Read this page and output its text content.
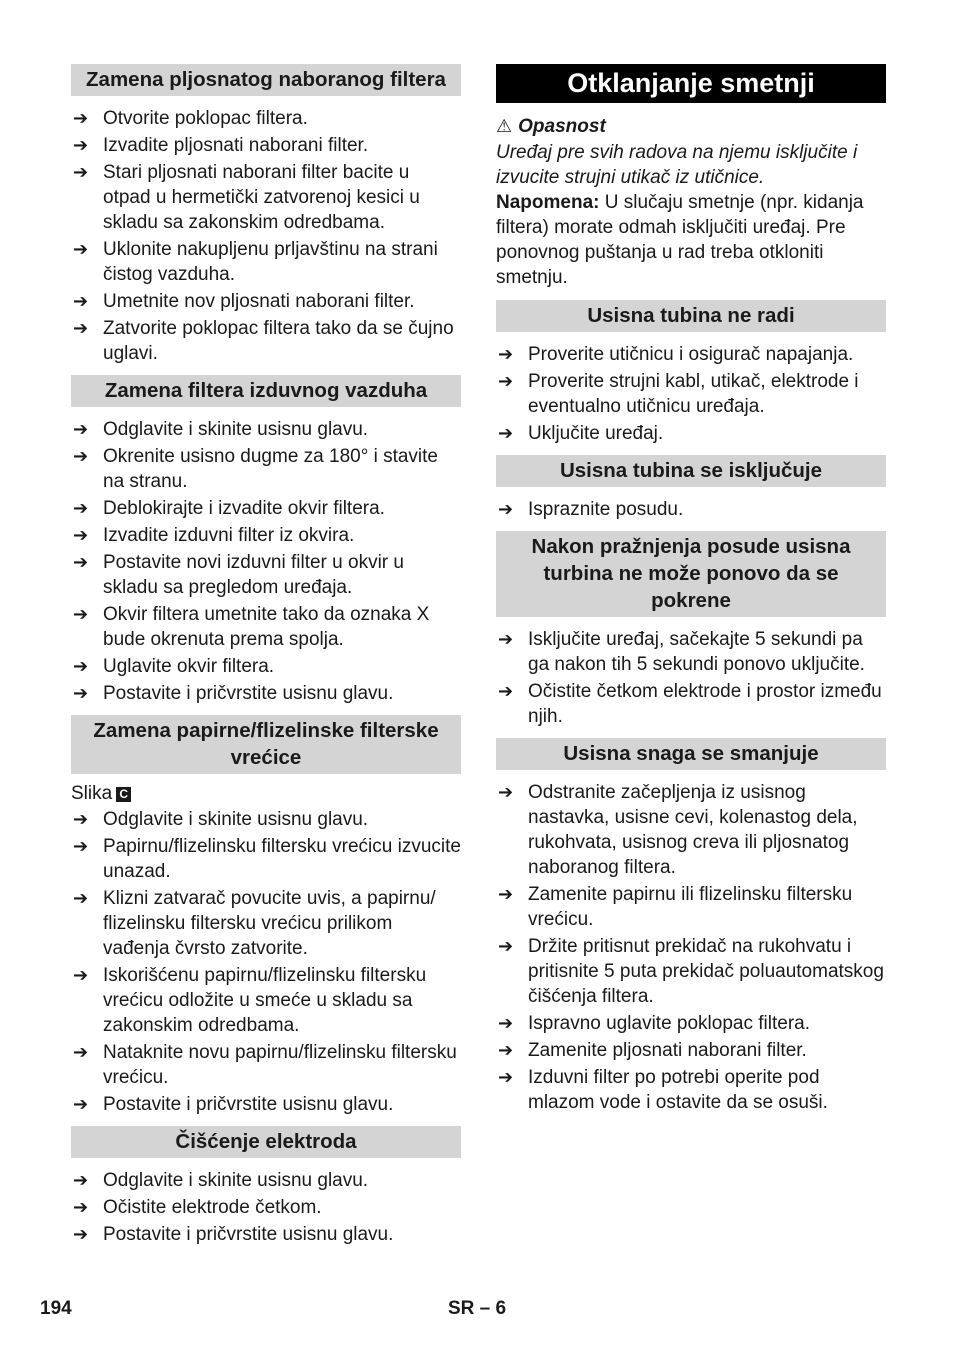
Zamena pljosnatog naboranog filtera
➔ Otvorite poklopac filtera.
➔ Izvadite pljosnati naborani filter.
➔ Stari pljosnati naborani filter bacite u otpad u hermetički zatvorenoj kesici u skladu sa zakonskim odredbama.
➔ Uklonite nakupljenu prljavštinu na strani čistog vazduha.
➔ Umetnite nov pljosnati naborani filter.
➔ Zatvorite poklopac filtera tako da se čujno uglavi.
Zamena filtera izduvnog vazduha
➔ Odglavite i skinite usisnu glavu.
➔ Okrenite usisno dugme za 180° i stavite na stranu.
➔ Deblokirajte i izvadite okvir filtera.
➔ Izvadite izduvni filter iz okvira.
➔ Postavite novi izduvni filter u okvir u skladu sa pregledom uređaja.
➔ Okvir filtera umetnite tako da oznaka X bude okrenuta prema spolja.
➔ Uglavite okvir filtera.
➔ Postavite i pričvrstite usisnu glavu.
Zamena papirne/flizelinske filterske vrećice
Slika C
➔ Odglavite i skinite usisnu glavu.
➔ Papirnu/flizelinsku filtersku vrećicu izvucite unazad.
➔ Klizni zatvarač povucite uvis, a papirnu/ flizelinsku filtersku vrećicu prilikom vađenja čvrsto zatvorite.
➔ Iskorišćenu papirnu/flizelinsku filtersku vrećicu odložite u smeće u skladu sa zakonskim odredbama.
➔ Nataknite novu papirnu/flizelinsku filtersku vrećicu.
➔ Postavite i pričvrstite usisnu glavu.
Čišćenje elektroda
➔ Odglavite i skinite usisnu glavu.
➔ Očistite elektrode četkom.
➔ Postavite i pričvrstite usisnu glavu.
Otklanjanje smetnji
⚠ Opasnost
Uređaj pre svih radova na njemu isključite i izvucite strujni utikač iz utičnice.
Napomena: U slučaju smetnje (npr. kidanja filtera) morate odmah isključiti uređaj. Pre ponovnog puštanja u rad treba otkloniti smetnju.
Usisna tubina ne radi
➔ Proverite utičnicu i osigurač napajanja.
➔ Proverite strujni kabl, utikač, elektrode i eventualno utičnicu uređaja.
➔ Uključite uređaj.
Usisna tubina se isključuje
➔ Ispraznite posudu.
Nakon pražnjenja posude usisna turbina ne može ponovo da se pokrene
➔ Isključite uređaj, sačekajte 5 sekundi pa ga nakon tih 5 sekundi ponovo uključite.
➔ Očistite četkom elektrode i prostor između njih.
Usisna snaga se smanjuje
➔ Odstranite začepljenja iz usisnog nastavka, usisne cevi, kolenastog dela, rukohvata, usisnog creva ili pljosnatog naboranog filtera.
➔ Zamenite papirnu ili flizelinsku filtersku vrećicu.
➔ Držite pritisnut prekidač na rukohvatu i pritisnite 5 puta prekidač poluautomatskog čišćenja filtera.
➔ Ispravno uglavite poklopac filtera.
➔ Zamenite pljosnati naborani filter.
➔ Izduvni filter po potrebi operite pod mlazom vode i ostavite da se osuši.
194	SR – 6
